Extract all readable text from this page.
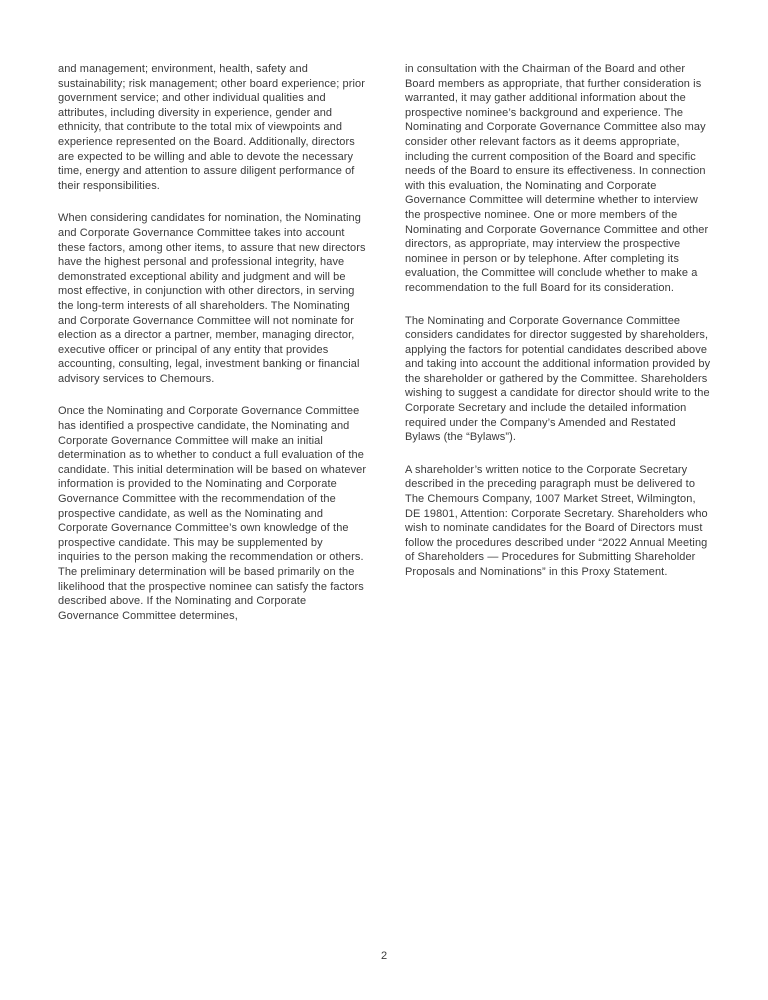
and management; environment, health, safety and sustainability; risk management; other board experience; prior government service; and other individual qualities and attributes, including diversity in experience, gender and ethnicity, that contribute to the total mix of viewpoints and experience represented on the Board. Additionally, directors are expected to be willing and able to devote the necessary time, energy and attention to assure diligent performance of their responsibilities.

When considering candidates for nomination, the Nominating and Corporate Governance Committee takes into account these factors, among other items, to assure that new directors have the highest personal and professional integrity, have demonstrated exceptional ability and judgment and will be most effective, in conjunction with other directors, in serving the long-term interests of all shareholders. The Nominating and Corporate Governance Committee will not nominate for election as a director a partner, member, managing director, executive officer or principal of any entity that provides accounting, consulting, legal, investment banking or financial advisory services to Chemours.

Once the Nominating and Corporate Governance Committee has identified a prospective candidate, the Nominating and Corporate Governance Committee will make an initial determination as to whether to conduct a full evaluation of the candidate. This initial determination will be based on whatever information is provided to the Nominating and Corporate Governance Committee with the recommendation of the prospective candidate, as well as the Nominating and Corporate Governance Committee’s own knowledge of the prospective candidate. This may be supplemented by inquiries to the person making the recommendation or others. The preliminary determination will be based primarily on the likelihood that the prospective nominee can satisfy the factors described above. If the Nominating and Corporate Governance Committee determines,

in consultation with the Chairman of the Board and other Board members as appropriate, that further consideration is warranted, it may gather additional information about the prospective nominee’s background and experience. The Nominating and Corporate Governance Committee also may consider other relevant factors as it deems appropriate, including the current composition of the Board and specific needs of the Board to ensure its effectiveness. In connection with this evaluation, the Nominating and Corporate Governance Committee will determine whether to interview the prospective nominee. One or more members of the Nominating and Corporate Governance Committee and other directors, as appropriate, may interview the prospective nominee in person or by telephone. After completing its evaluation, the Committee will conclude whether to make a recommendation to the full Board for its consideration.

The Nominating and Corporate Governance Committee considers candidates for director suggested by shareholders, applying the factors for potential candidates described above and taking into account the additional information provided by the shareholder or gathered by the Committee. Shareholders wishing to suggest a candidate for director should write to the Corporate Secretary and include the detailed information required under the Company’s Amended and Restated Bylaws (the “Bylaws”).

A shareholder’s written notice to the Corporate Secretary described in the preceding paragraph must be delivered to The Chemours Company, 1007 Market Street, Wilmington, DE 19801, Attention: Corporate Secretary. Shareholders who wish to nominate candidates for the Board of Directors must follow the procedures described under “2022 Annual Meeting of Shareholders — Procedures for Submitting Shareholder Proposals and Nominations” in this Proxy Statement.

2
